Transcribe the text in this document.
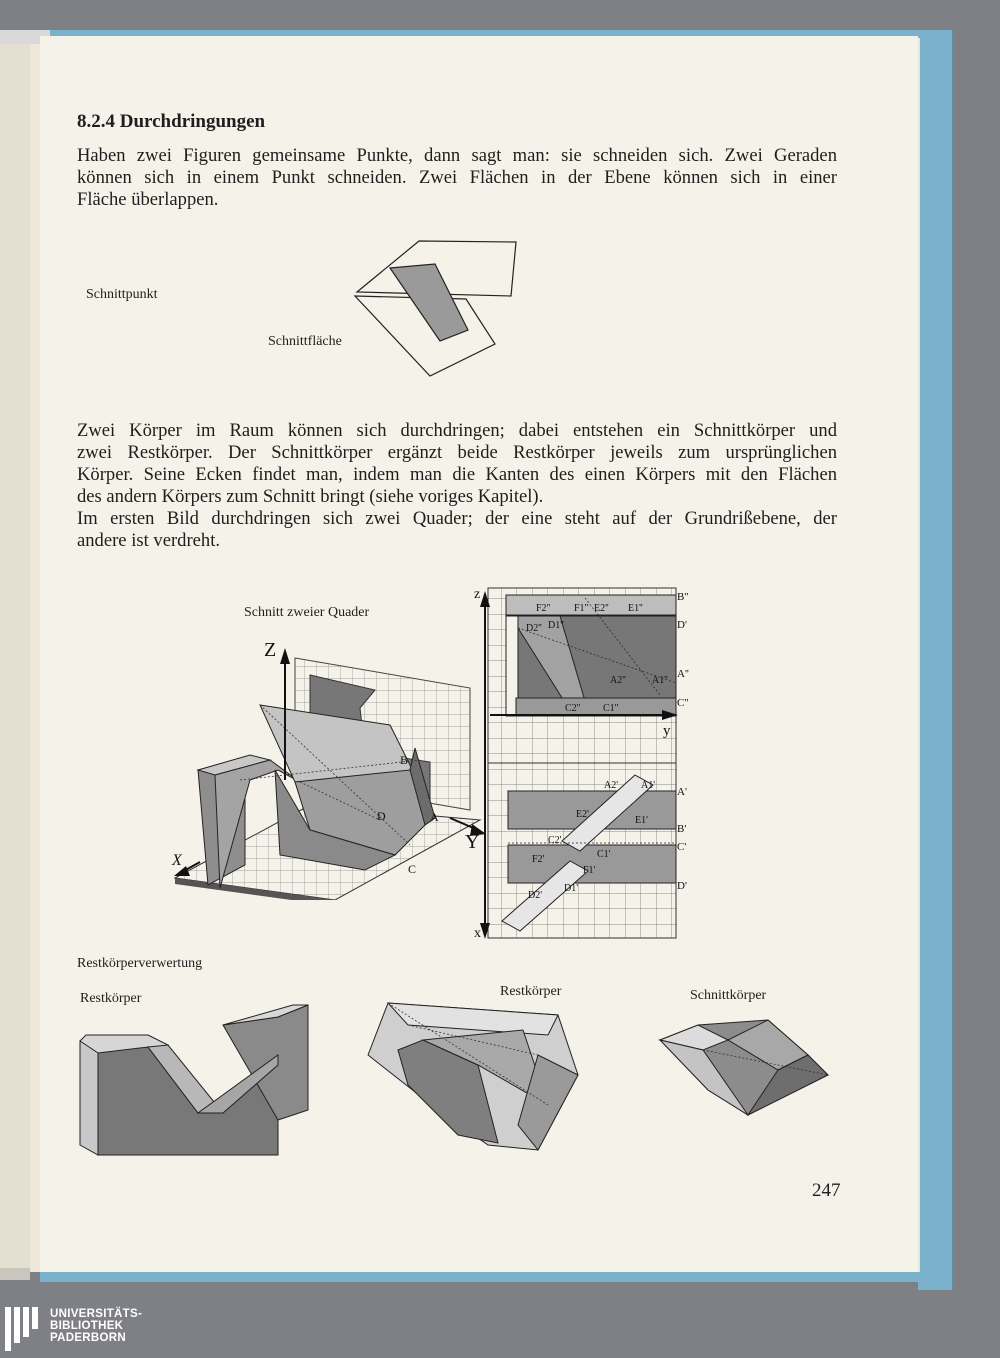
8.2.4 Durchdringungen

Haben zwei Figuren gemeinsame Punkte, dann sagt man: sie schneiden sich. Zwei Geraden

können sich in einem Punkt schneiden. Zwei Flächen in der Ebene können sich in einer

Fläche überlappen.

Schnittpunkt
Schnittfläche

Zwei Körper im Raum können sich durchdringen; dabei entstehen ein Schnittkörper und

zwei Restkörper. Der Schnittkörper ergänzt beide Restkörper jeweils zum ursprünglichen

Körper. Seine Ecken findet man, indem man die Kanten des einen Körpers mit den Flächen

des andern Körpers zum Schnitt bringt (siehe voriges Kapitel).

Im ersten Bild durchdringen sich zwei Quader; der eine steht auf der Grundrißebene, der

andere ist verdreht.

Schnitt zweier Quader
Z
Y
X
B
D	A
C
z
y
x
B''
D'
A''
C''
A'
B'
C'
D'
F2'' F1'' E2'' E1''
D2'' D1''
A2''	A1''
C2'' C1''
A2' A1'
E2'
E1'
C2'
C1'
F2'
F1'
D2'
D1'
Restkörperverwertung
Restkörper	Restkörper	Schnittkörper
247
UNIVERSITÄTS-
BIBLIOTHEK
PADERBORN
